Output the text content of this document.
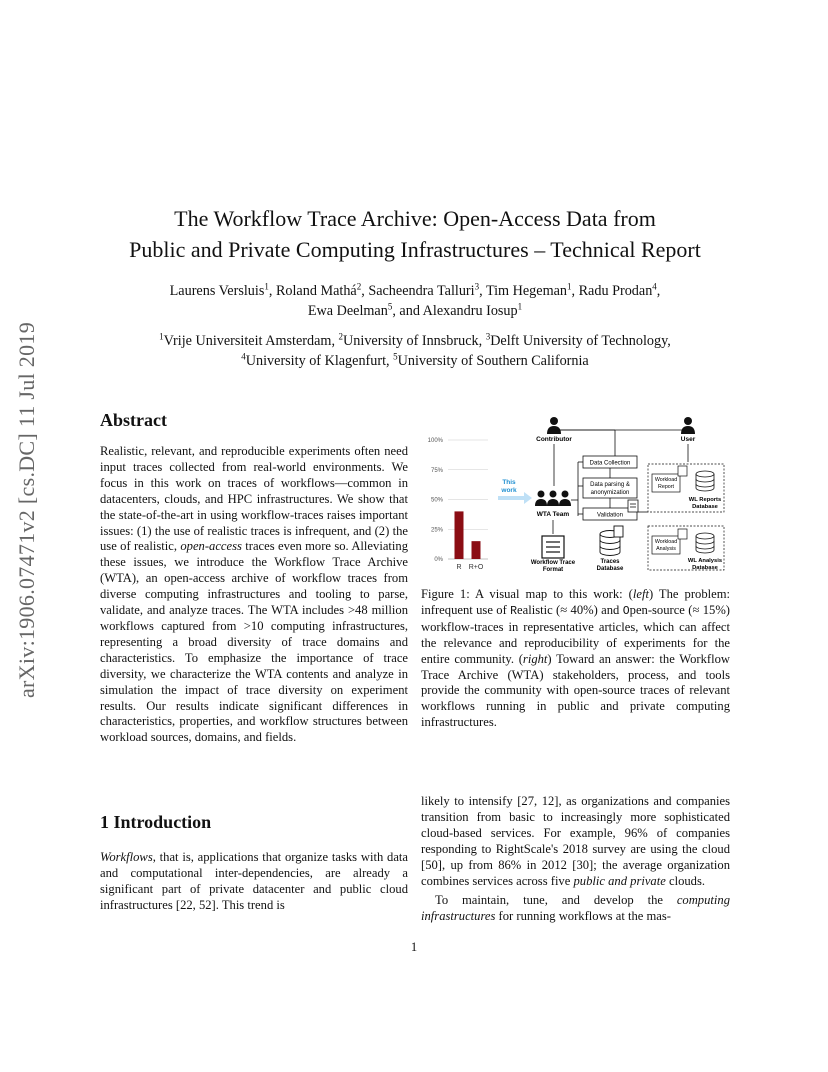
arXiv:1906.07471v2 [cs.DC] 11 Jul 2019
The Workflow Trace Archive: Open-Access Data from
Public and Private Computing Infrastructures – Technical Report
Laurens Versluis$^1$, Roland Mathá$^2$, Sacheendra Talluri$^3$, Tim Hegeman$^1$, Radu Prodan$^4$,
Ewa Deelman$^5$, and Alexandru Iosup$^1$
$^1$Vrije Universiteit Amsterdam, $^2$University of Innsbruck, $^3$Delft University of Technology,
$^4$University of Klagenfurt, $^5$University of Southern California
Abstract
Realistic, relevant, and reproducible experiments often need input traces collected from real-world environments. We focus in this work on traces of workflows—common in datacenters, clouds, and HPC infrastructures. We show that the state-of-the-art in using workflow-traces raises important issues: (1) the use of realistic traces is infrequent, and (2) the use of realistic, open-access traces even more so. Alleviating these issues, we introduce the Workflow Trace Archive (WTA), an open-access archive of workflow traces from diverse computing infrastructures and tooling to parse, validate, and analyze traces. The WTA includes >48 million workflows captured from >10 computing infrastructures, representing a broad diversity of trace domains and characteristics. To emphasize the importance of trace diversity, we characterize the WTA contents and analyze in simulation the impact of trace diversity on experiment results. Our results indicate significant differences in characteristics, properties, and workflow structures between workload sources, domains, and fields.
1 Introduction
Workflows, that is, applications that organize tasks with data and computational inter-dependencies, are already a significant part of private datacenter and public cloud infrastructures [22, 52]. This trend is
0%
25%
50%
75%
100%
R R+O
Contributor	User
This
work
WTA Team
Data Collection
Data parsing &
anonymization
Validation
Workflow Trace
Format
Traces
Database
Workload
Report
WL Reports
Database
Workload
Analysis
WL Analysis
Database
Figure 1: A visual map to this work: (left) The problem: infrequent use of Realistic (≈ 40%) and Open-source (≈ 15%) workflow-traces in representative articles, which can affect the relevance and reproducibility of experiments for the entire community. (right) Toward an answer: the Workflow Trace Archive (WTA) stakeholders, process, and tools provide the community with open-source traces of relevant workflows running in public and private computing infrastructures.

likely to intensify [27, 12], as organizations and companies transition from basic to increasingly more sophisticated cloud-based services. For example, 96% of companies responding to RightScale's 2018 survey are using the cloud [50], up from 86% in 2012 [30]; the average organization combines services across five public and private clouds.

To maintain, tune, and develop the computing infrastructures for running workflows at the mas-

1
